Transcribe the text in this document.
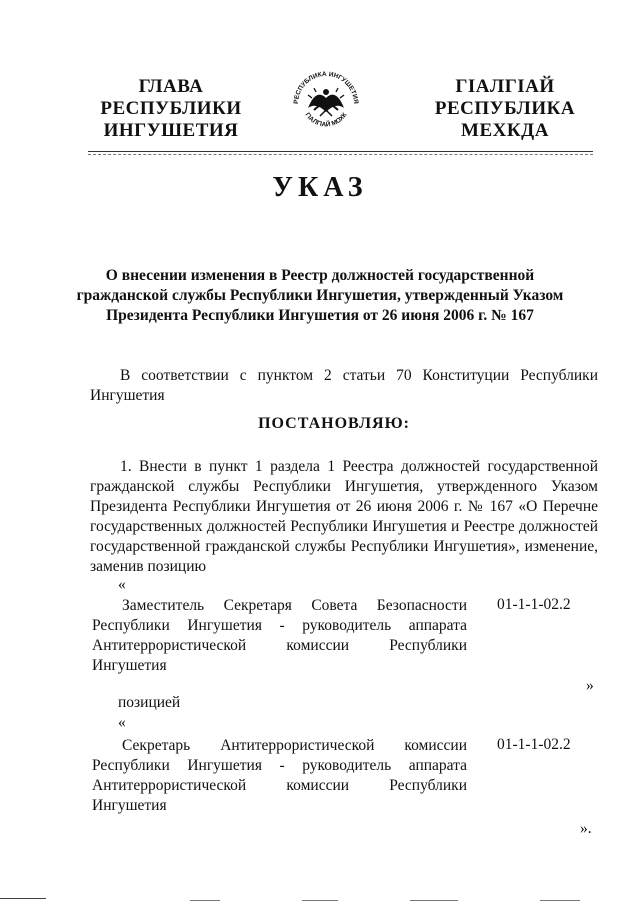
ГЛАВА
РЕСПУБЛИКИ
ИНГУШЕТИЯ
РЕСПУБЛИКА ИНГУШЕТИЯ
ГIАЛГIАЙ МОХК
ГIАЛГIАЙ
РЕСПУБЛИКА
МЕХКДА
УКАЗ
О внесении изменения в Реестр должностей государственной гражданской службы Республики Ингушетия, утвержденный Указом Президента Республики Ингушетия от 26 июня 2006 г. № 167
В соответствии с пунктом 2 статьи 70 Конституции Республики
Ингушетия
ПОСТАНОВЛЯЮ:
1. Внести в пункт 1 раздела 1 Реестра должностей государственной
гражданской службы Республики Ингушетия, утвержденного Указом
Президента Республики Ингушетия от 26 июня 2006 г. № 167 «О Перечне
государственных должностей Республики Ингушетия и Реестре должностей
государственной гражданской службы Республики Ингушетия», изменение,
заменив позицию
«
Заместитель Секретаря Совета Безопасности
Республики Ингушетия - руководитель аппарата
Антитеррористической комиссии Республики
Ингушетия
01-1-1-02.2
»
позицией
«
Секретарь Антитеррористической комиссии
Республики Ингушетия - руководитель аппарата
Антитеррористической комиссии Республики
Ингушетия
01-1-1-02.2
».
